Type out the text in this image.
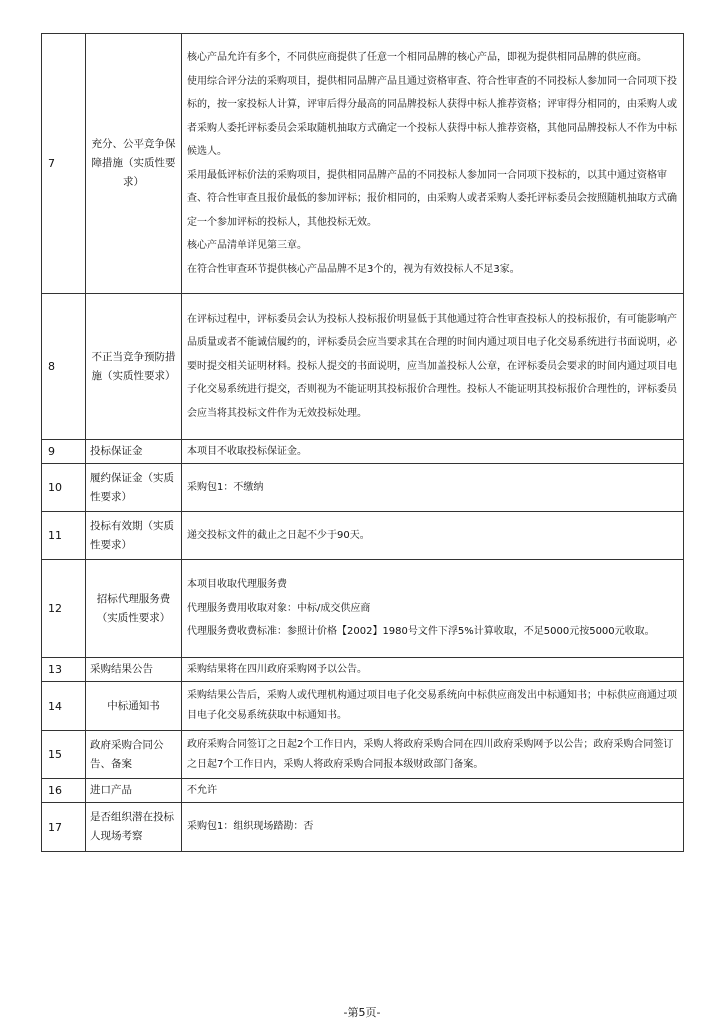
7	充分、公平竞争保障措施（实质性要求）	核心产品允许有多个，不同供应商提供了任意一个相同品牌的核心产品，即视为提供相同品牌的供应商。

使用综合评分法的采购项目，提供相同品牌产品且通过资格审查、符合性审查的不同投标人参加同一合同项下投标的，按一家投标人计算，评审后得分最高的同品牌投标人获得中标人推荐资格；评审得分相同的，由采购人或者采购人委托评标委员会采取随机抽取方式确定一个投标人获得中标人推荐资格，其他同品牌投标人不作为中标候选人。

采用最低评标价法的采购项目，提供相同品牌产品的不同投标人参加同一合同项下投标的，以其中通过资格审查、符合性审查且报价最低的参加评标；报价相同的，由采购人或者采购人委托评标委员会按照随机抽取方式确定一个参加评标的投标人，其他投标无效。

核心产品清单详见第三章。

在符合性审查环节提供核心产品品牌不足3个的，视为有效投标人不足3家。

8	不正当竞争预防措施（实质性要求）	在评标过程中，评标委员会认为投标人投标报价明显低于其他通过符合性审查投标人的投标报价，有可能影响产品质量或者不能诚信履约的，评标委员会应当要求其在合理的时间内通过项目电子化交易系统进行书面说明，必要时提交相关证明材料。投标人提交的书面说明，应当加盖投标人公章，在评标委员会要求的时间内通过项目电子化交易系统进行提交，否则视为不能证明其投标报价合理性。投标人不能证明其投标报价合理性的，评标委员会应当将其投标文件作为无效投标处理。

9	投标保证金	本项目不收取投标保证金。

10	履约保证金（实质性要求）	采购包1：不缴纳

11	投标有效期（实质性要求）	递交投标文件的截止之日起不少于90天。

12	招标代理服务费（实质性要求）	本项目收取代理服务费

代理服务费用收取对象：中标/成交供应商

代理服务费收费标准：参照计价格【2002】1980号文件下浮5%计算收取，不足5000元按5000元收取。

13	采购结果公告	采购结果将在四川政府采购网予以公告。

14	中标通知书	采购结果公告后，采购人或代理机构通过项目电子化交易系统向中标供应商发出中标通知书；中标供应商通过项目电子化交易系统获取中标通知书。

15	政府采购合同公告、备案	政府采购合同签订之日起2个工作日内，采购人将政府采购合同在四川政府采购网予以公告；政府采购合同签订之日起7个工作日内，采购人将政府采购合同报本级财政部门备案。

16	进口产品	不允许

17	是否组织潜在投标人现场考察	采购包1：组织现场踏勘：否

-第5页-
